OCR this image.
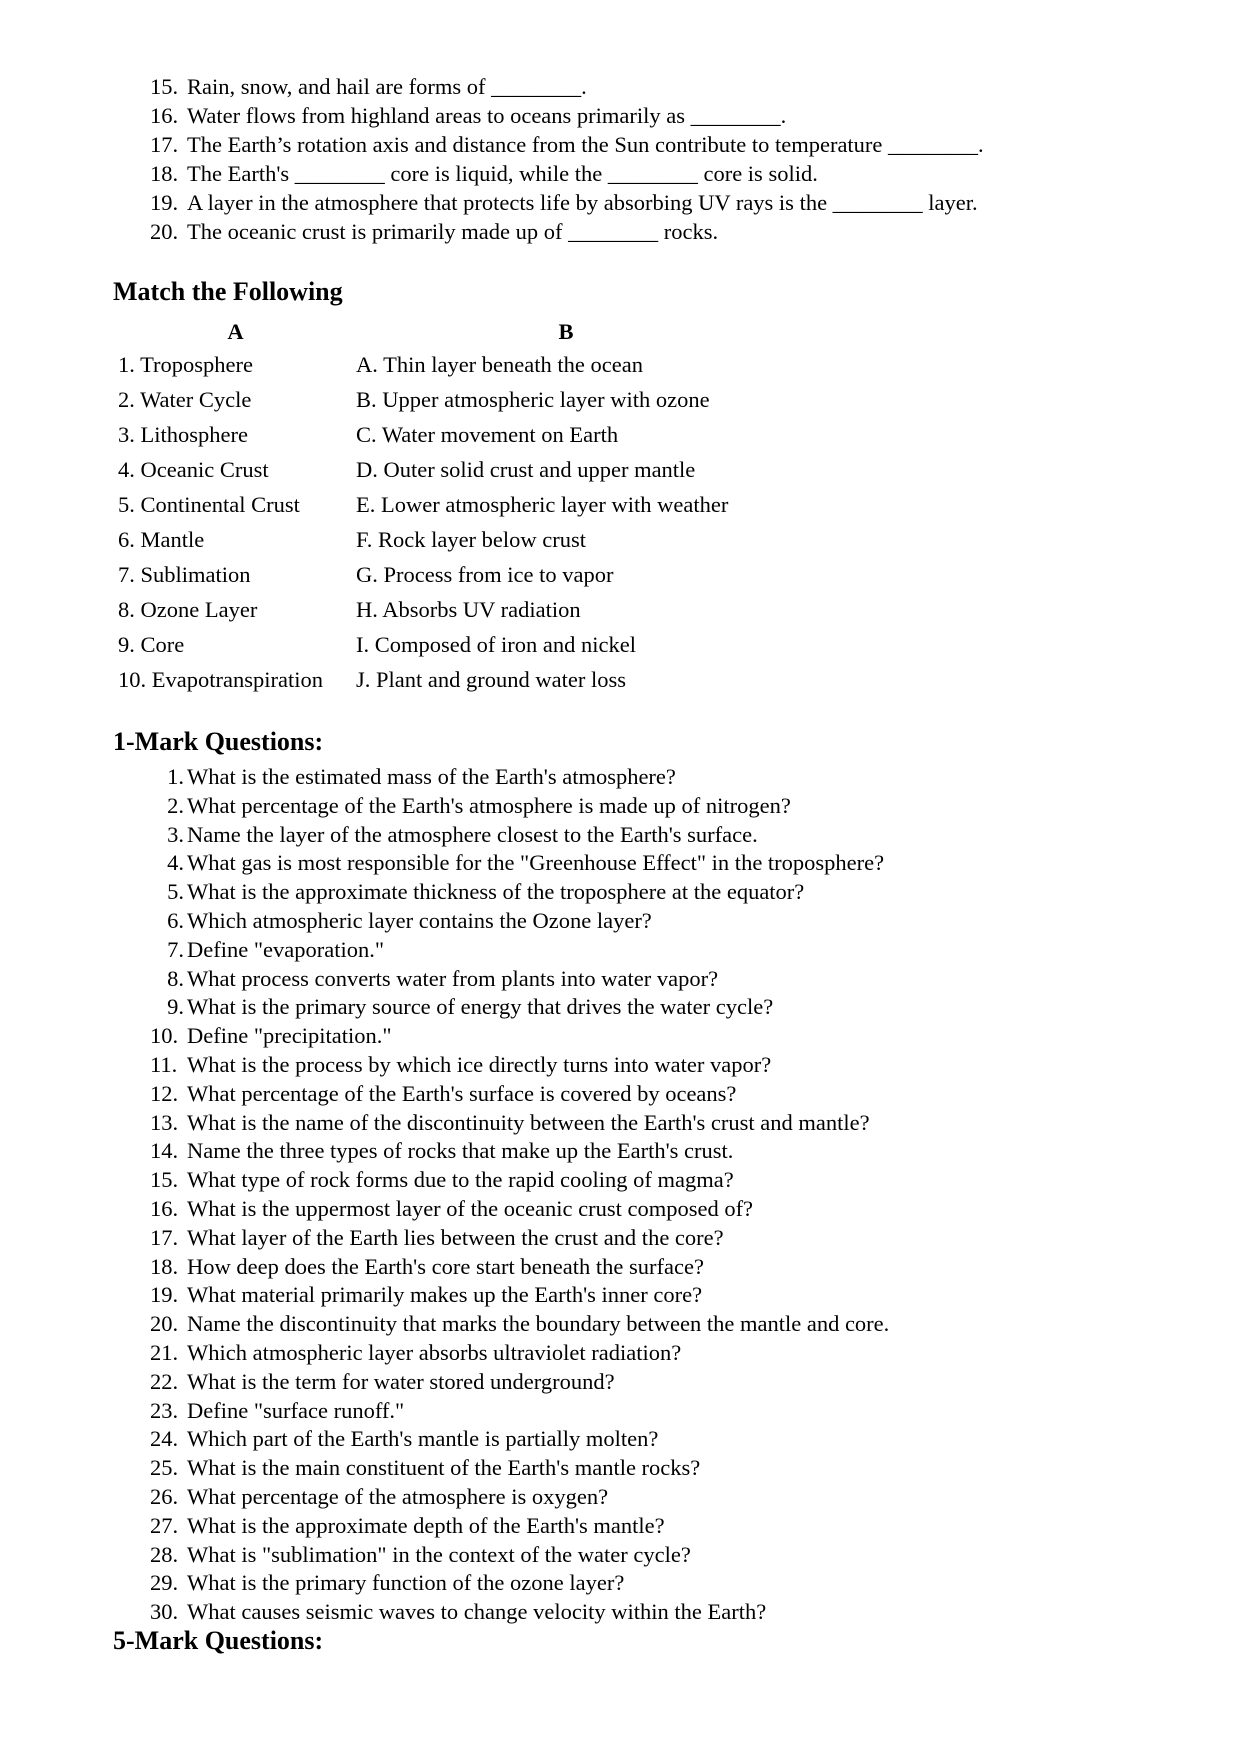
15. Rain, snow, and hail are forms of ________.
16. Water flows from highland areas to oceans primarily as ________.
17. The Earth’s rotation axis and distance from the Sun contribute to temperature ________.
18. The Earth's ________ core is liquid, while the ________ core is solid.
19. A layer in the atmosphere that protects life by absorbing UV rays is the ________ layer.
20. The oceanic crust is primarily made up of ________ rocks.
Match the Following
A	B
1. Troposphere	A. Thin layer beneath the ocean
2. Water Cycle	B. Upper atmospheric layer with ozone
3. Lithosphere	C. Water movement on Earth
4. Oceanic Crust	D. Outer solid crust and upper mantle
5. Continental Crust	E. Lower atmospheric layer with weather
6. Mantle	F. Rock layer below crust
7. Sublimation	G. Process from ice to vapor
8. Ozone Layer	H. Absorbs UV radiation
9. Core	I. Composed of iron and nickel
10. Evapotranspiration	J. Plant and ground water loss
1-Mark Questions:
1. What is the estimated mass of the Earth's atmosphere?
2. What percentage of the Earth's atmosphere is made up of nitrogen?
3. Name the layer of the atmosphere closest to the Earth's surface.
4. What gas is most responsible for the "Greenhouse Effect" in the troposphere?
5. What is the approximate thickness of the troposphere at the equator?
6. Which atmospheric layer contains the Ozone layer?
7. Define "evaporation."
8. What process converts water from plants into water vapor?
9. What is the primary source of energy that drives the water cycle?
10. Define "precipitation."
11. What is the process by which ice directly turns into water vapor?
12. What percentage of the Earth's surface is covered by oceans?
13. What is the name of the discontinuity between the Earth's crust and mantle?
14. Name the three types of rocks that make up the Earth's crust.
15. What type of rock forms due to the rapid cooling of magma?
16. What is the uppermost layer of the oceanic crust composed of?
17. What layer of the Earth lies between the crust and the core?
18. How deep does the Earth's core start beneath the surface?
19. What material primarily makes up the Earth's inner core?
20. Name the discontinuity that marks the boundary between the mantle and core.
21. Which atmospheric layer absorbs ultraviolet radiation?
22. What is the term for water stored underground?
23. Define "surface runoff."
24. Which part of the Earth's mantle is partially molten?
25. What is the main constituent of the Earth's mantle rocks?
26. What percentage of the atmosphere is oxygen?
27. What is the approximate depth of the Earth's mantle?
28. What is "sublimation" in the context of the water cycle?
29. What is the primary function of the ozone layer?
30. What causes seismic waves to change velocity within the Earth?
5-Mark Questions:
